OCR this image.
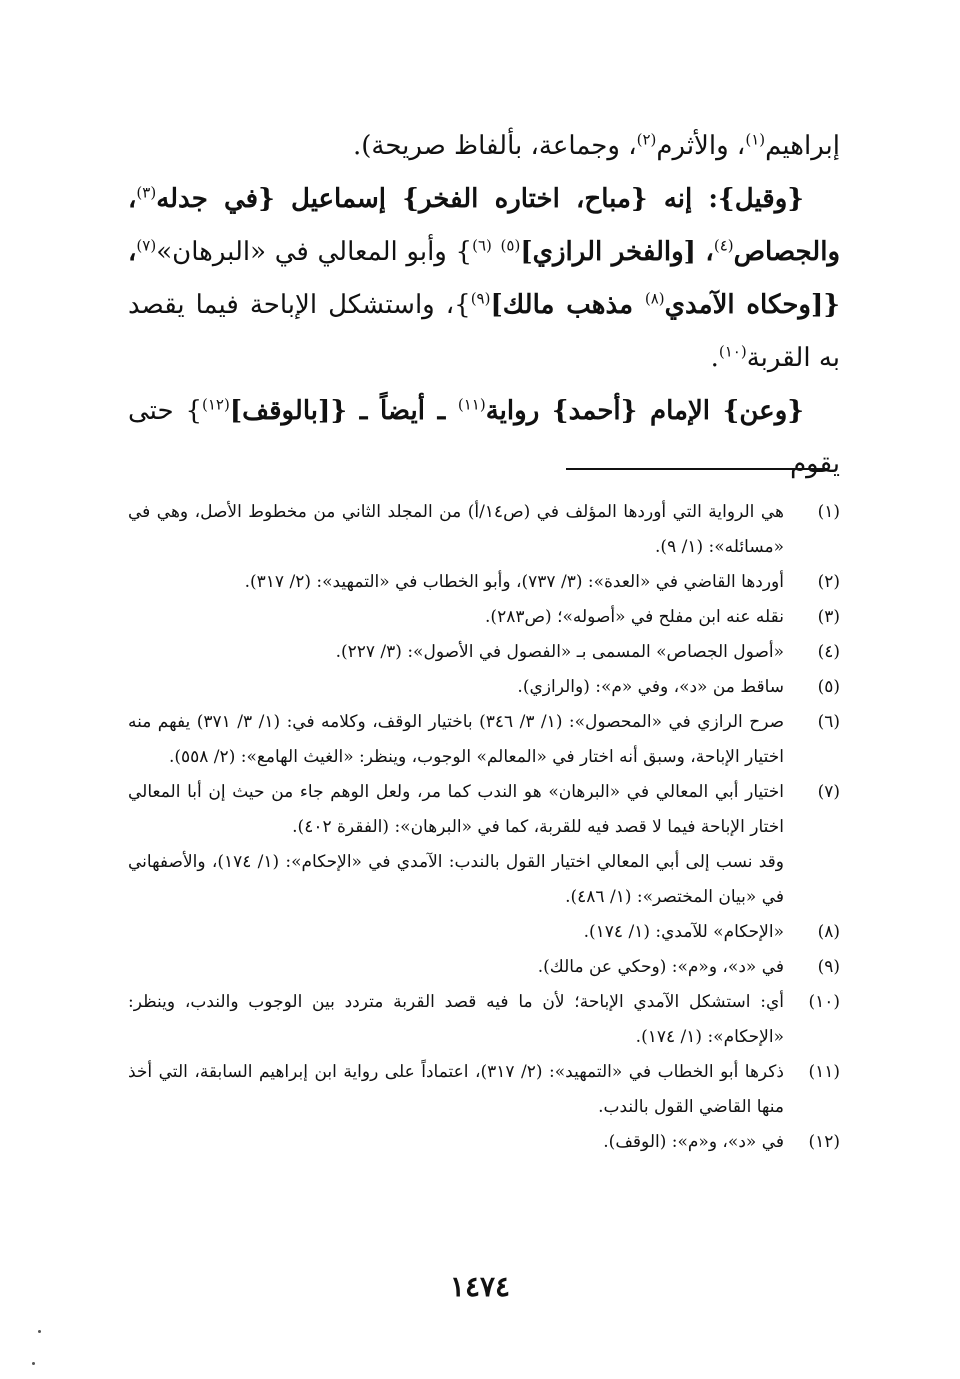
إبراهيم$^{(١)}$، والأثرم$^{(٢)}$، وجماعة، بألفاظ صريحة).

{وقيل}: إنه {مباح، اختاره الفخر} إسماعيل {في جدله$^{(٣)}$، والجصاص$^{(٤)}$، [والفخر الرازي]$^{(٥)}$ $^{(٦)}$} وأبو المعالي في «البرهان»$^{(٧)}$، {[وحكاه الآمدي$^{(٨)}$ مذهب مالك]$^{(٩)}$}، واستشكل الإباحة فيما يقصد به القربة$^{(١٠)}$.

{وعن} الإمام {أحمد} رواية$^{(١١)}$ ـ أيضاً ـ {[بالوقف]$^{(١٢)}$} حتى يقوم

(١)

هي الرواية التي أوردها المؤلف في (ص١٤/أ) من المجلد الثاني من مخطوط الأصل، وهي في «مسائله»: (١/ ٩).

(٢)

أوردها القاضي في «العدة»: (٣/ ٧٣٧)، وأبو الخطاب في «التمهيد»: (٢/ ٣١٧).

(٣)

نقله عنه ابن مفلح في «أصوله»؛ (ص٢٨٣).

(٤)

«أصول الجصاص» المسمى بـ «الفصول في الأصول»: (٣/ ٢٢٧).

(٥)

ساقط من «د»، وفي «م»: (والرازي).

(٦)

صرح الرازي في «المحصول»: (١/ ٣/ ٣٤٦) باختيار الوقف، وكلامه في: (١/ ٣/ ٣٧١) يفهم منه اختيار الإباحة، وسبق أنه اختار في «المعالم» الوجوب، وينظر: «الغيث الهامع»: (٢/ ٥٥٨).

(٧)

اختيار أبي المعالي في «البرهان» هو الندب كما مر، ولعل الوهم جاء من حيث إن أبا المعالي اختار الإباحة فيما لا قصد فيه للقربة، كما في «البرهان»: (الفقرة ٤٠٢).

وقد نسب إلى أبي المعالي اختيار القول بالندب: الآمدي في «الإحكام»: (١/ ١٧٤)، والأصفهاني في «بيان المختصر»: (١/ ٤٨٦).

(٨)

«الإحكام» للآمدي: (١/ ١٧٤).

(٩)

في «د»، و«م»: (وحكي عن مالك).

(١٠)

أي: استشكل الآمدي الإباحة؛ لأن ما فيه قصد القربة متردد بين الوجوب والندب، وينظر: «الإحكام»: (١/ ١٧٤).

(١١)

ذكرها أبو الخطاب في «التمهيد»: (٢/ ٣١٧)، اعتماداً على رواية ابن إبراهيم السابقة، التي أخذ منها القاضي القول بالندب.

(١٢)

في «د»، و«م»: (الوقف).

١٤٧٤
